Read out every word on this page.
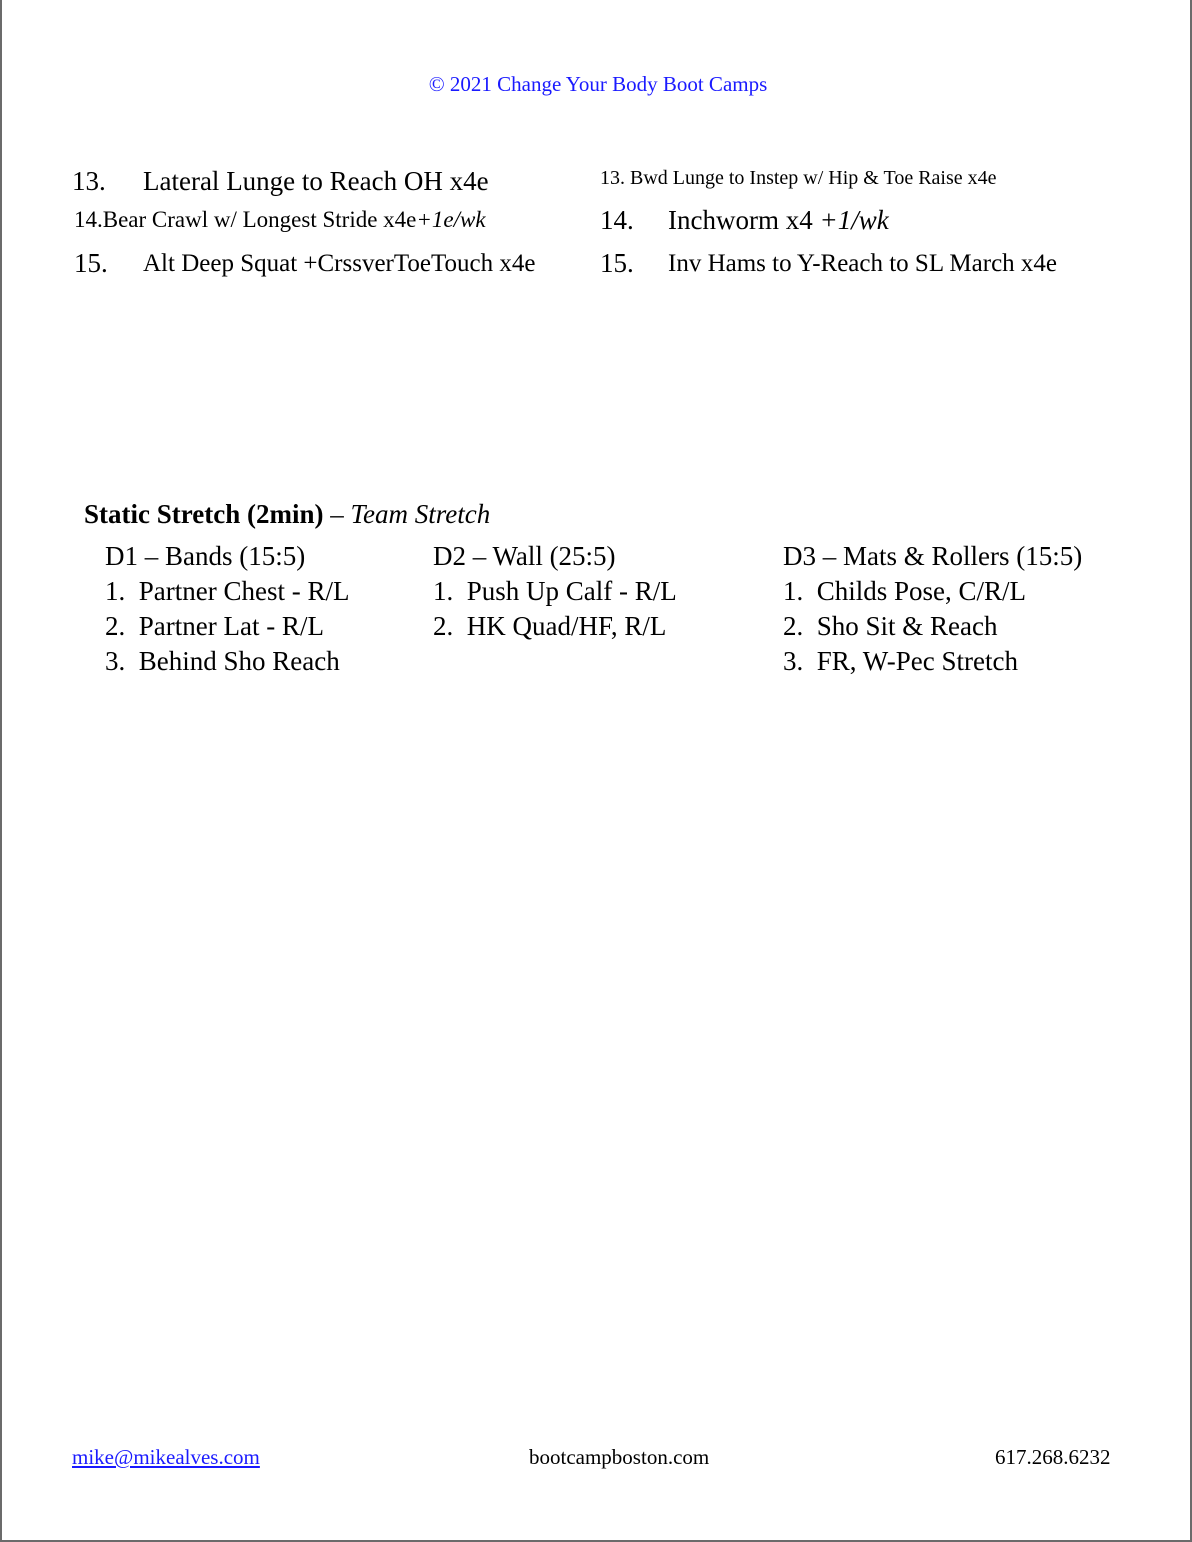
© 2021 Change Your Body Boot Camps
13. Lateral Lunge to Reach OH x4e
14.Bear Crawl w/ Longest Stride x4e+1e/wk
15. Alt Deep Squat +CrssverToeTouch x4e
13. Bwd Lunge to Instep w/ Hip & Toe Raise x4e
14. Inchworm x4 +1/wk
15. Inv Hams to Y-Reach to SL March x4e
Static Stretch (2min) – Team Stretch
D1 – Bands (15:5)
1.  Partner Chest - R/L
2.  Partner Lat - R/L
3.  Behind Sho Reach
D2 – Wall (25:5)
1.  Push Up Calf - R/L
2.  HK Quad/HF, R/L
D3 – Mats & Rollers (15:5)
1.  Childs Pose, C/R/L
2.  Sho Sit & Reach
3.  FR, W-Pec Stretch
mike@mikealves.com	bootcampboston.com	617.268.6232
